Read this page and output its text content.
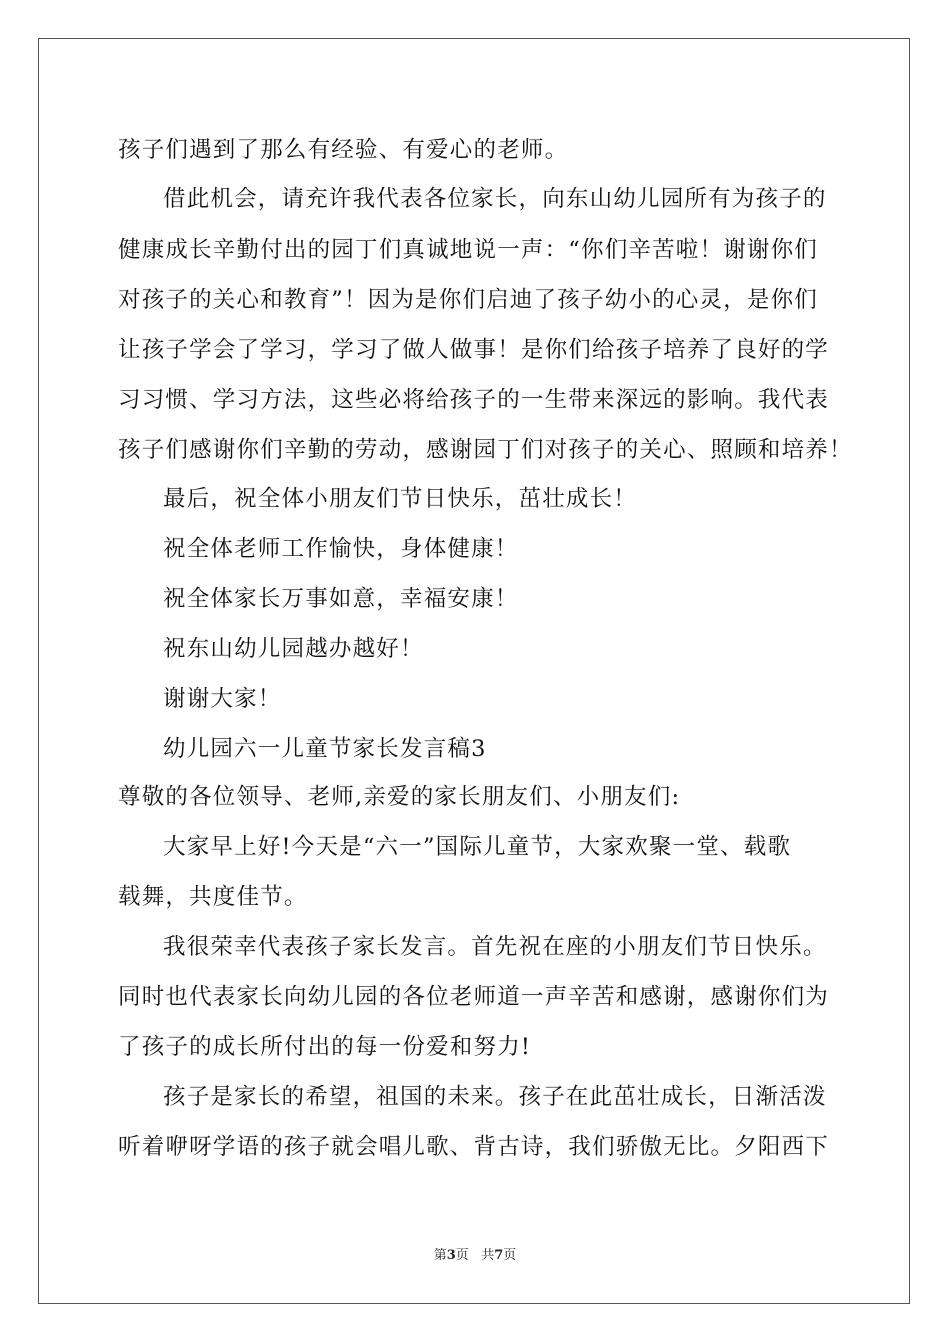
孩子们遇到了那么有经验、有爱心的老师。
借此机会，请充许我代表各位家长，向东山幼儿园所有为孩子的
健康成长辛勤付出的园丁们真诚地说一声：“你们辛苦啦！谢谢你们
对孩子的关心和教育”！因为是你们启迪了孩子幼小的心灵，是你们
让孩子学会了学习，学习了做人做事！是你们给孩子培养了良好的学
习习惯、学习方法，这些必将给孩子的一生带来深远的影响。我代表
孩子们感谢你们辛勤的劳动，感谢园丁们对孩子的关心、照顾和培养！
最后，祝全体小朋友们节日快乐，茁壮成长！
祝全体老师工作愉快，身体健康！
祝全体家长万事如意，幸福安康！
祝东山幼儿园越办越好！
谢谢大家！
幼儿园六一儿童节家长发言稿3
尊敬的各位领导、老师,亲爱的家长朋友们、小朋友们:
大家早上好!今天是“六一”国际儿童节，大家欢聚一堂、载歌
载舞，共度佳节。
我很荣幸代表孩子家长发言。首先祝在座的小朋友们节日快乐。
同时也代表家长向幼儿园的各位老师道一声辛苦和感谢，感谢你们为
了孩子的成长所付出的每一份爱和努力!
孩子是家长的希望，祖国的未来。孩子在此茁壮成长，日渐活泼
听着咿呀学语的孩子就会唱儿歌、背古诗，我们骄傲无比。夕阳西下
第3页 共7页
